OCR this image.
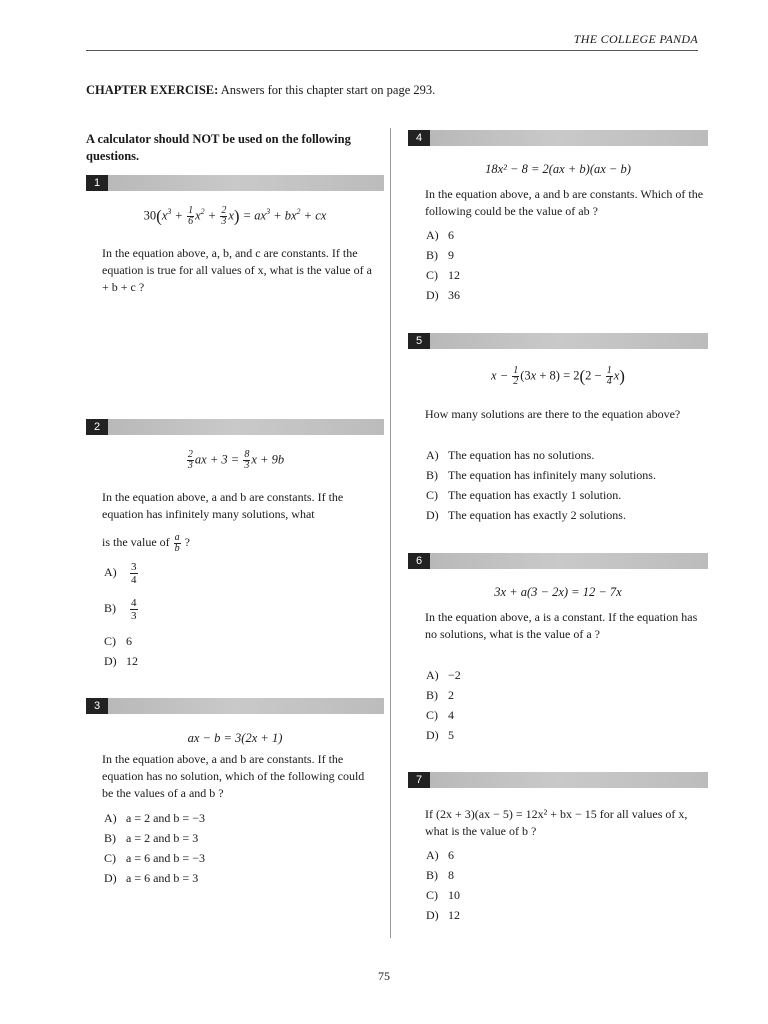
THE COLLEGE PANDA
CHAPTER EXERCISE: Answers for this chapter start on page 293.
A calculator should NOT be used on the following questions.
1
$30(x^3 + \frac{1}{6} x^2 + \frac{2}{3} x) = ax^3 + bx^2$ + cx
In the equation above, a, b, and c are constants. If the equation is true for all values of x, what is the value of a + b + c ?
2
$\frac{2}{3}$ ax + $3 = \frac{8}{3}$ x + 9b
In the equation above, a and b are constants. If the equation has infinitely many solutions, what
is the value of $\frac{a}{b}$ ?
$A) \frac{3}{4}$
$B) \frac{4}{3}$
C) 6
D) 12
3
ax − b = 3(2x + 1)
In the equation above, a and b are constants. If the equation has no solution, which of the following could be the values of a and b ?
A) a = 2 and b = −3
B) a = 2 and b = 3
C) a = 6 and b = −3
D) a = 6 and b = 3
4
18x² − 8 = 2(ax + b)(ax − b)
In the equation above, a and b are constants. Which of the following could be the value of ab ?
A) 6
B) 9
C) 12
D) 36
5
$x - \frac{1}{2} (3x + 8) = 2(2 - \frac{1}{4} x)$
How many solutions are there to the equation above?
A) The equation has no solutions.
B) The equation has infinitely many solutions.
C) The equation has exactly 1 solution.
D) The equation has exactly 2 solutions.
6
3x + a(3 − 2x) = 12 − 7x
In the equation above, a is a constant. If the equation has no solutions, what is the value of a ?
A) −2
B) 2
C) 4
D) 5
7
If (2x + 3)(ax − 5) = 12x² + bx − 15 for all values of x, what is the value of b ?
A) 6
B) 8
C) 10
D) 12
75
